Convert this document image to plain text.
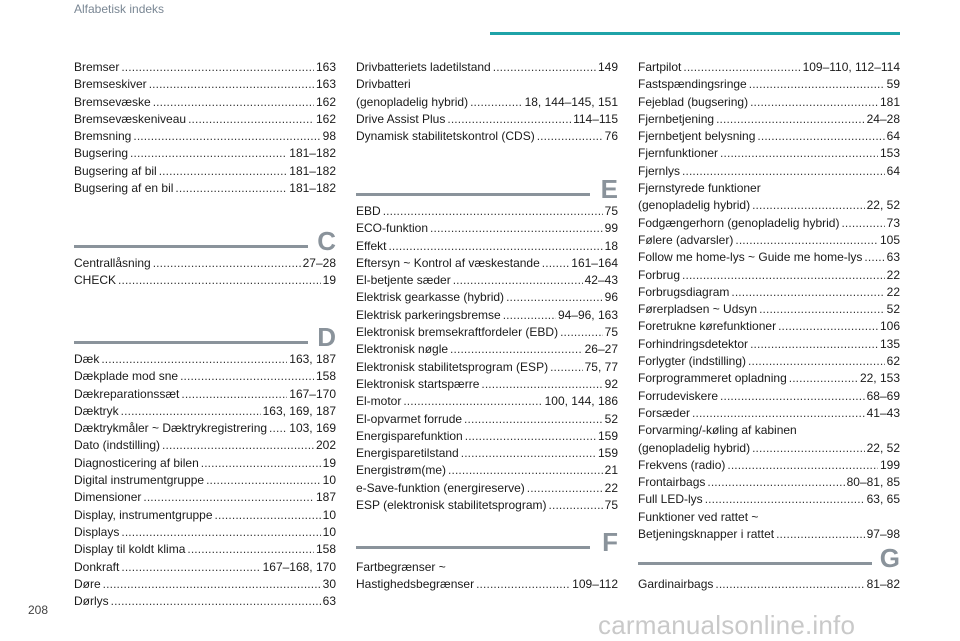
Alfabetisk indeks
Bremser . . .	163
Bremseskiver . . .	163
Bremsevæske . . .	162
Bremsevæskeniveau . . .	162
Bremsning . . .	98
Bugsering . . .	181–182
Bugsering af bil . . .	181–182
Bugsering af en bil . . .	181–182
C
Centrallåsning . . .	27–28
CHECK . . .	19
D
Dæk . . .	163, 187
Dækplade mod sne . . .	158
Dækreparationssæt . . .	167–170
Dæktryk . . .	163, 169, 187
Dæktrykmåler ~ Dæktrykregistrering . . . 103, 169
Dato (indstilling) . . .	202
Diagnosticering af bilen . . .	19
Digital instrumentgruppe . . .	10
Dimensioner . . .	187
Display, instrumentgruppe . . .	10
Displays . . .	10
Display til koldt klima . . .	158
Donkraft . . .	167–168, 170
Døre . . .	30
Dørlys . . .	63
Drivbatteriets ladetilstand . . .	149
Drivbatteri
(genopladelig hybrid) . . .	18, 144–145, 151
Drive Assist Plus . . .	114–115
Dynamisk stabilitetskontrol (CDS) . . .	76
E
EBD . . .	75
ECO-funktion . . .	99
Effekt . . .	18
Eftersyn ~ Kontrol af væskestande . . .	161–164
El-betjente sæder . . .	42–43
Elektrisk gearkasse (hybrid) . . .	96
Elektrisk parkeringsbremse . . .	94–96, 163
Elektronisk bremsekraftfordeler (EBD) . . .	75
Elektronisk nøgle . . .	26–27
Elektronisk stabilitetsprogram (ESP) . . .	75, 77
Elektronisk startspærre . . .	92
El-motor . . .	100, 144, 186
El-opvarmet forrude . . .	52
Energisparefunktion . . .	159
Energisparetilstand . . .	159
Energistrøm(me) . . .	21
e-Save-funktion (energireserve) . . .	22
ESP (elektronisk stabilitetsprogram) . . .	75
F
Fartbegrænser ~
Hastighedsbegrænser . . .	109–112
Fartpilot . . .	109–110, 112–114
Fastspændingsringe . . .	59
Fejeblad (bugsering) . . .	181
Fjernbetjening . . .	24–28
Fjernbetjent belysning . . .	64
Fjernfunktioner . . .	153
Fjernlys . . .	64
Fjernstyrede funktioner
(genopladelig hybrid) . . .	22, 52
Fodgængerhorn (genopladelig hybrid) . . .	73
Følere (advarsler) . . .	105
Follow me home-lys ~ Guide me home-lys . . . 63
Forbrug . . .	22
Forbrugsdiagram . . .	22
Førerpladsen ~ Udsyn . . .	52
Foretrukne kørefunktioner . . .	106
Forhindringsdetektor . . .	135
Forlygter (indstilling) . . .	62
Forprogrammeret opladning . . .	22, 153
Forrudeviskere . . .	68–69
Forsæder . . .	41–43
Forvarming/-køling af kabinen
(genopladelig hybrid) . . .	22, 52
Frekvens (radio) . . .	199
Frontairbags . . .	80–81, 85
Full LED-lys . . .	63, 65
Funktioner ved rattet ~
Betjeningsknapper i rattet . . .	97–98
G
Gardinairbags . . .	81–82
208	carmanualsonline.info
